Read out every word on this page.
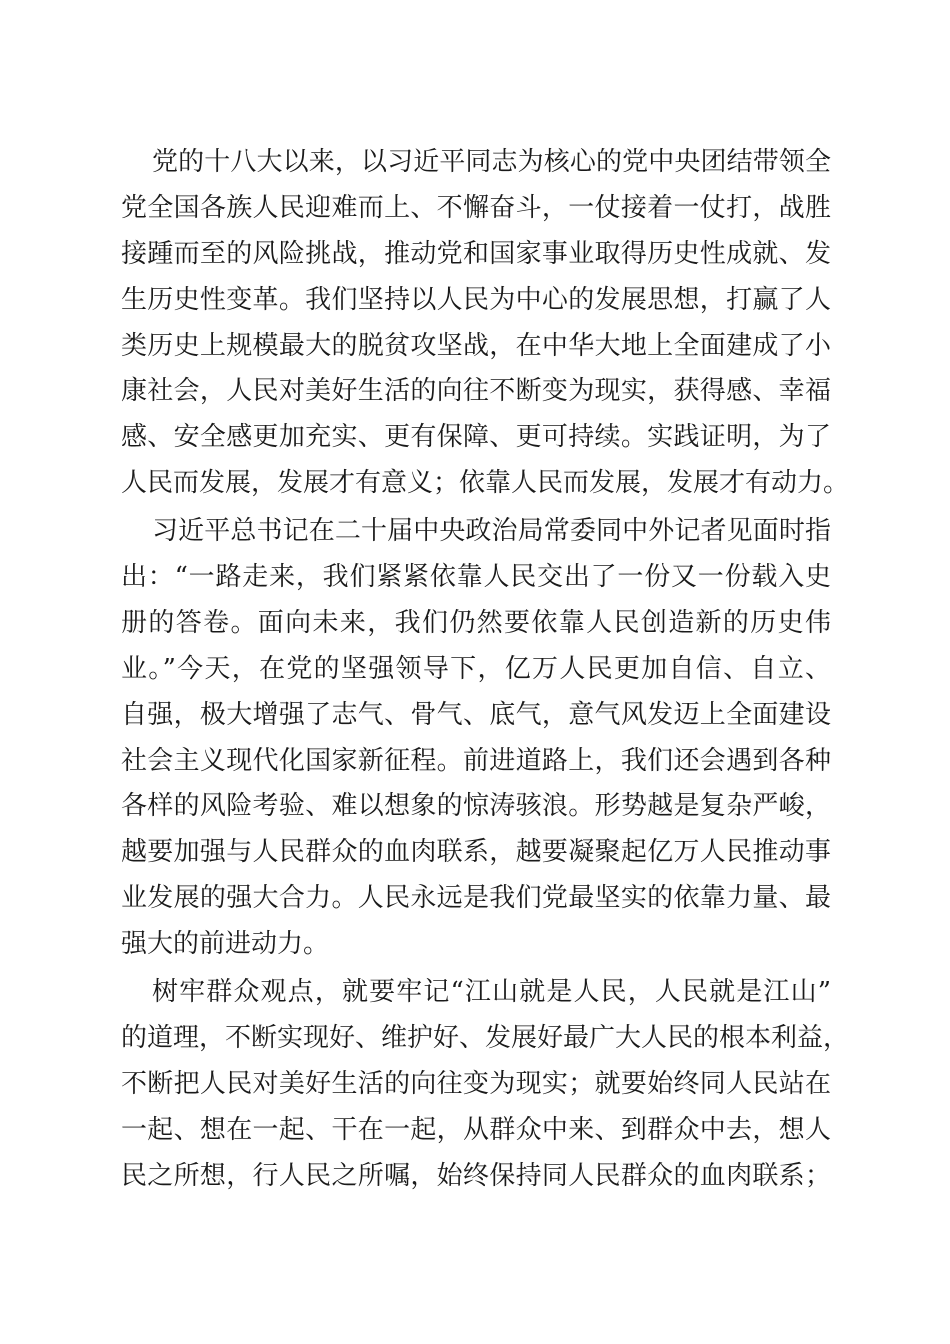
党的十八大以来，以习近平同志为核心的党中央团结带领全
党全国各族人民迎难而上、不懈奋斗，一仗接着一仗打，战胜
接踵而至的风险挑战，推动党和国家事业取得历史性成就、发
生历史性变革。我们坚持以人民为中心的发展思想，打赢了人
类历史上规模最大的脱贫攻坚战，在中华大地上全面建成了小
康社会，人民对美好生活的向往不断变为现实，获得感、幸福
感、安全感更加充实、更有保障、更可持续。实践证明，为了
人民而发展，发展才有意义；依靠人民而发展，发展才有动力。
习近平总书记在二十届中央政治局常委同中外记者见面时指
出：“一路走来，我们紧紧依靠人民交出了一份又一份载入史
册的答卷。面向未来，我们仍然要依靠人民创造新的历史伟
业。”今天，在党的坚强领导下，亿万人民更加自信、自立、
自强，极大增强了志气、骨气、底气，意气风发迈上全面建设
社会主义现代化国家新征程。前进道路上，我们还会遇到各种
各样的风险考验、难以想象的惊涛骇浪。形势越是复杂严峻，
越要加强与人民群众的血肉联系，越要凝聚起亿万人民推动事
业发展的强大合力。人民永远是我们党最坚实的依靠力量、最
强大的前进动力。
树牢群众观点，就要牢记“江山就是人民，人民就是江山”
的道理，不断实现好、维护好、发展好最广大人民的根本利益，
不断把人民对美好生活的向往变为现实；就要始终同人民站在
一起、想在一起、干在一起，从群众中来、到群众中去，想人
民之所想，行人民之所嘱，始终保持同人民群众的血肉联系；
